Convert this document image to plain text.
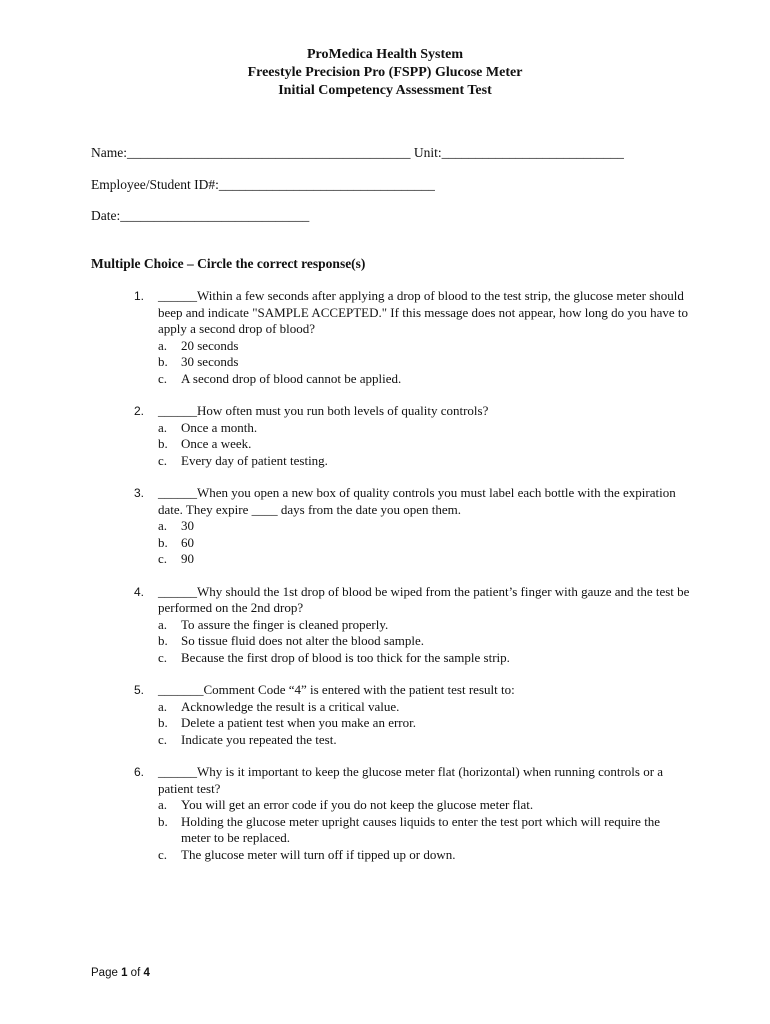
ProMedica Health System
Freestyle Precision Pro (FSPP) Glucose Meter
Initial Competency Assessment Test
Name:__________________________________________ Unit:___________________________
Employee/Student ID#:________________________________
Date:____________________________
Multiple Choice – Circle the correct response(s)
1. ______Within a few seconds after applying a drop of blood to the test strip, the glucose meter should beep and indicate "SAMPLE ACCEPTED." If this message does not appear, how long do you have to apply a second drop of blood?
a. 20 seconds
b. 30 seconds
c. A second drop of blood cannot be applied.
2. ______How often must you run both levels of quality controls?
a. Once a month.
b. Once a week.
c. Every day of patient testing.
3. ______When you open a new box of quality controls you must label each bottle with the expiration date. They expire ____ days from the date you open them.
a. 30
b. 60
c. 90
4. ______Why should the 1st drop of blood be wiped from the patient’s finger with gauze and the test be performed on the 2nd drop?
a. To assure the finger is cleaned properly.
b. So tissue fluid does not alter the blood sample.
c. Because the first drop of blood is too thick for the sample strip.
5. _______Comment Code “4” is entered with the patient test result to:
a. Acknowledge the result is a critical value.
b. Delete a patient test when you make an error.
c. Indicate you repeated the test.
6. ______Why is it important to keep the glucose meter flat (horizontal) when running controls or a patient test?
a. You will get an error code if you do not keep the glucose meter flat.
b. Holding the glucose meter upright causes liquids to enter the test port which will require the meter to be replaced.
c. The glucose meter will turn off if tipped up or down.
Page 1 of 4
